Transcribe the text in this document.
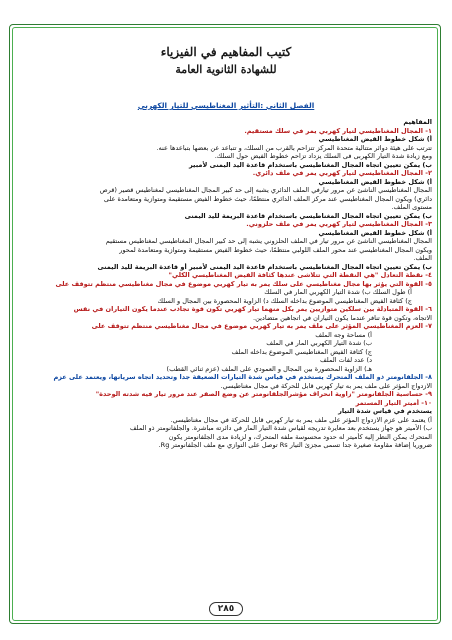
كتيب المفاهيم في الفيزياء
للشهادة الثانوية العامة
الفصل الثاني :التأثير المغناطيسي للتيار الكهربي
المفاهيم
١- المجال المغناطيسي لتيار كهربي يمر في سلك مستقيم.
أ) شكل خطوط الفيض المغناطيسي
تترتب على هيئة دوائر متتالية متحدة المركز تتزاحم بالقرب من السلك، و تتباعد عن بعضها بتباعدها عنه.
ومع زيادة شدة التيار الكهربى فى السلك يزداد تزاحم خطوط الفيض حول السلك.
ب) يمكن تعيين اتجاه المجال المغناطيسي باستخدام قاعدة اليد اليمنى لأمبير
٢- المجال المغناطيسي لتيار كهربي يمر في ملف دائري.
أ) شكل خطوط الفيض المغناطيسي
المجال المغناطيسي الناشئ عن مرور تيارفي الملف الدائري يشبه إلى حد كبير المجال المغناطيسي لمغناطيس قصير (قرص
دائري) ويكون المجال المغناطيسي عند مركز الملف الدائري منتظمًا، حيث خطوط الفيض مستقيمة ومتوازية ومتعامدة على
مستوى الملف.
ب) يمكن تعيين اتجاه المجال المغناطيسي باستخدام قاعدة البريمة لليد اليمنى
٣- المجال المغناطيسي لتيار كهربي يمر في ملف حلزوني.
أ) شكل خطوط الفيض المغناطيسي
المجال المغناطيسي الناشئ عن مرور تيار في الملف الحلزوني يشبه إلى حد كبير المجال المغناطيسي لمغناطيس مستقيم
ويكون المجال المغناطيسي عند محور الملف اللولبي منتظمًا، حيث خطوط الفيض مستقيمة ومتوازية ومتعامدة لمحور
الملف.
ب) يمكن تعيين اتجاه المجال المغناطيسي باستخدام قاعدة اليد اليمنى لأمبير أو قاعدة البريمة لليد اليمنى
٤- نقطة التعادل "هي النقطة التي تتلاشى عندها كثافة الفيض المغناطيسي الكلي"
٥- القوة التي يؤثر بها مجال مغناطيسي على سلك يمر به تيار كهربي موضوع في مجال مغناطيسي منتظم تتوقف على
أ) طول السلك ب) شدة التيار الكهربي المار في السلك
ج) كثافة الفيض المغناطيسي الموضوع بداخله السلك د) الزاوية المحصورة بين المجال و السلك
٦- القوة المتبادلة بين سلكين متوازيين يمر بكل منهما تيار كهربي تكون قوة تجاذب عندما يكون التياران في نفس
الاتجاه، وتكون قوة تنافر عندما يكون التياران في اتجاهين متضادين.
٧- العزم المغناطيسي المؤثر على ملف يمر به تيار كهربي موضوع في مجال مغناطيسي منتظم تتوقف على
أ) مساحة وجه الملف
ب) شدة التيار الكهربي المار في الملف
ج) كثافة الفيض المغناطيسي الموضوع بداخله الملف
د) عدد لفات الملف
هـ) الزاوية المحصورة بين المجال و العمودي على الملف (عزم ثنائي القطب)
٨- الجلفانومتر ذو الملف المتحرك يستخدم في قياس شدة التيارات الضعيفة جدا وتحديد اتجاه سريانها، ويعتمد على عزم
الازدواج المؤثر على ملف يمر به تيار كهربي قابل للحركة في مجال مغناطيسي.
٩- حساسية الجلفانومتر "زاوية انحراف مؤشرالجلفانومتر عن وضع الصفر عند مرور تيار فيه شدته الوحدة"
١٠- أميتر التيار المستمر
يستخدم في قياس شدة التيار
أ) يعتمد على عزم الازدواج المؤثر على ملف يمر به تيار كهربي قابل للحركة في مجال مغناطيسي.
ب) الأميتر هو جهاز يستخدم بعد معايرة تدريجه لقياس شدة التيار المار في دائرته مباشرة. والجلفانومتر ذو الملف
المتحرك يمكن النظر إليه كأميتر له حدود محسوسة ملفه المتحرك، و لزيادة مدى الجلفانومتر يكون
ضروريا إضافة مقاومة صغيرة جدا تسمى مجزئ التيار Rs توصل على التوازي مع ملف الجلفانومتر Rg.
٢٨٥
